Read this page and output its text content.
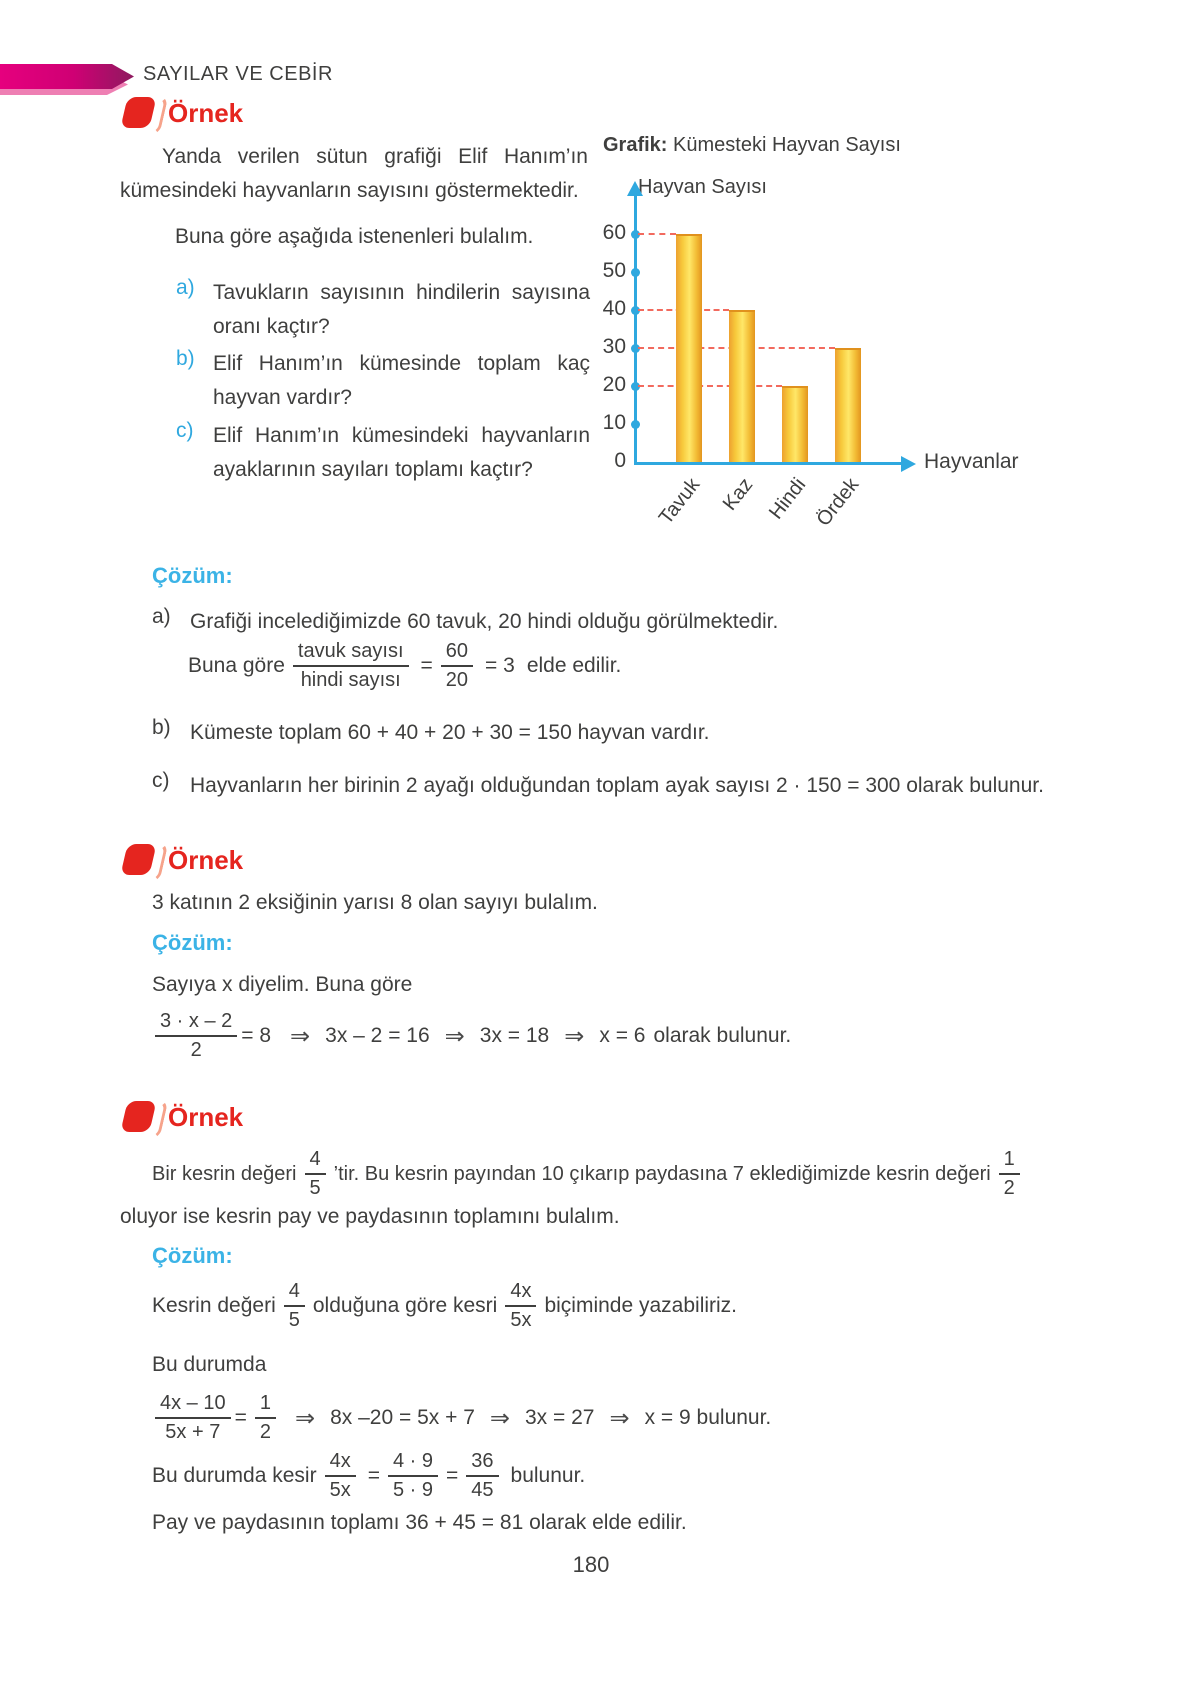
SAYILAR VE CEBİR
Örnek
Yanda verilen sütun grafiği Elif Hanım’ın kümesindeki hayvanların sayısını göstermektedir.
Buna göre aşağıda istenenleri bulalım.
a) Tavukların sayısının hindilerin sayısına oranı kaçtır?
b) Elif Hanım’ın kümesinde toplam kaç hayvan vardır?
c) Elif Hanım’ın kümesindeki hayvanların ayaklarının sayıları toplamı kaçtır?
Grafik: Kümesteki Hayvan Sayısı
Hayvan Sayısı
Hayvanlar
0
10
20
30
40
50
60
Tavuk Kaz Hindi Ördek
Çözüm:
a) Grafiği incelediğimizde 60 tavuk, 20 hindi olduğu görülmektedir.
Buna göre $\frac{\text{tavuk sayısı}}{\text{hindi sayısı}} = \frac{60}{20} = 3$ elde edilir.
b) Kümeste toplam 60 + 40 + 20 + 30 = 150 hayvan vardır.
c) Hayvanların her birinin 2 ayağı olduğundan toplam ayak sayısı 2 · 150 = 300 olarak bulunur.
Örnek
3 katının 2 eksiğinin yarısı 8 olan sayıyı bulalım.
Çözüm:
Sayıya x diyelim. Buna göre
$\frac{3 \cdot x - 2}{2} = 8$ ⇒ 3x – 2 = 16 ⇒ 3x = 18 ⇒ x = 6 olarak bulunur.
Örnek
Bir kesrin değeri $\frac{4}{5}$ ’tir. Bu kesrin payından 10 çıkarıp paydasına 7 eklediğimizde kesrin değeri $\frac{1}{2}$
oluyor ise kesrin pay ve paydasının toplamını bulalım.
Çözüm:
Kesrin değeri $\frac{4}{5}$ olduğuna göre kesri $\frac{4x}{5x}$ biçiminde yazabiliriz.
Bu durumda
$\frac{4x - 10}{5x + 7} = \frac{1}{2}$ ⇒ 8x –20 = 5x + 7 ⇒ 3x = 27 ⇒ x = 9 bulunur.
Bu durumda kesir $\frac{4x}{5x} = \frac{4 \cdot 9}{5 \cdot 9} = \frac{36}{45}$ bulunur.
Pay ve paydasının toplamı 36 + 45 = 81 olarak elde edilir.
180
